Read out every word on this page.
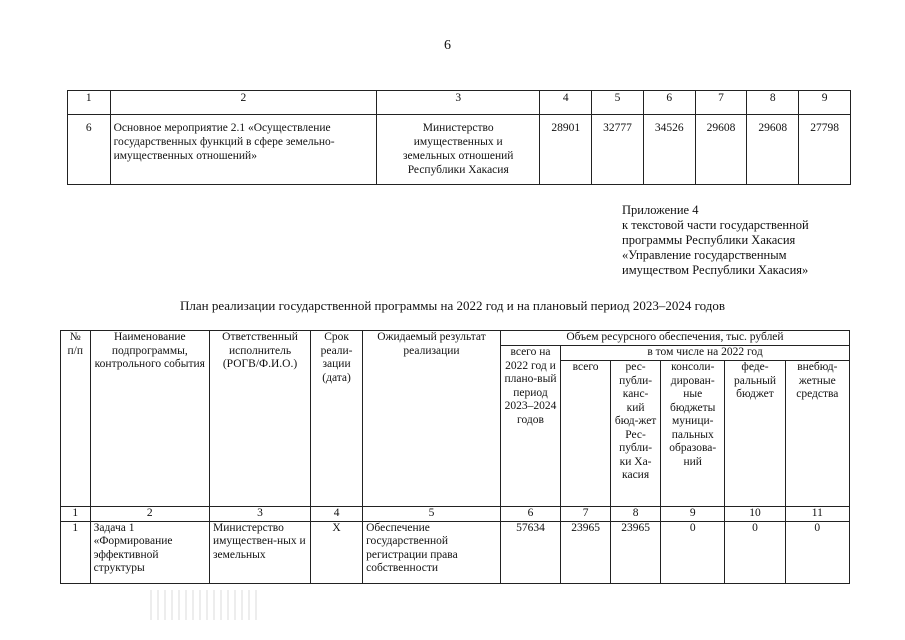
6
1	2	3	4	5	6	7	8	9
6	Основное мероприятие 2.1 «Осуществление государственных функций в сфере земельно-имущественных отношений»	Министерство имущественных и земельных отношений Республики Хакасия	28901	32777	34526	29608	29608	27798
Приложение 4
к текстовой части государственной
программы Республики Хакасия
«Управление государственным
имуществом Республики Хакасия»
План реализации государственной программы на 2022 год и на плановый период 2023–2024 годов
№ п/п	Наименование подпрограммы, контрольного события	Ответственный исполнитель (РОГВ/Ф.И.О.)	Срок реали-зации (дата)	Ожидаемый результат реализации	Объем ресурсного обеспечения, тыс. рублей					
					всего на 2022 год и плано-вый период 2023–2024 годов	в том числе на 2022 год				
						всего	рес-публи-канс-кий бюд-жет Рес-публи-ки Ха-касия	консоли-дирован-ные бюджеты муници-пальных образова-ний	феде-ральный бюджет	внебюд-жетные средства
1	2	3	4	5	6	7	8	9	10	11
1	Задача 1 «Формирование эффективной структуры	Министерство имуществен-ных и земельных	X	Обеспечение государственной регистрации права собственности	57634	23965	23965	0	0	0
